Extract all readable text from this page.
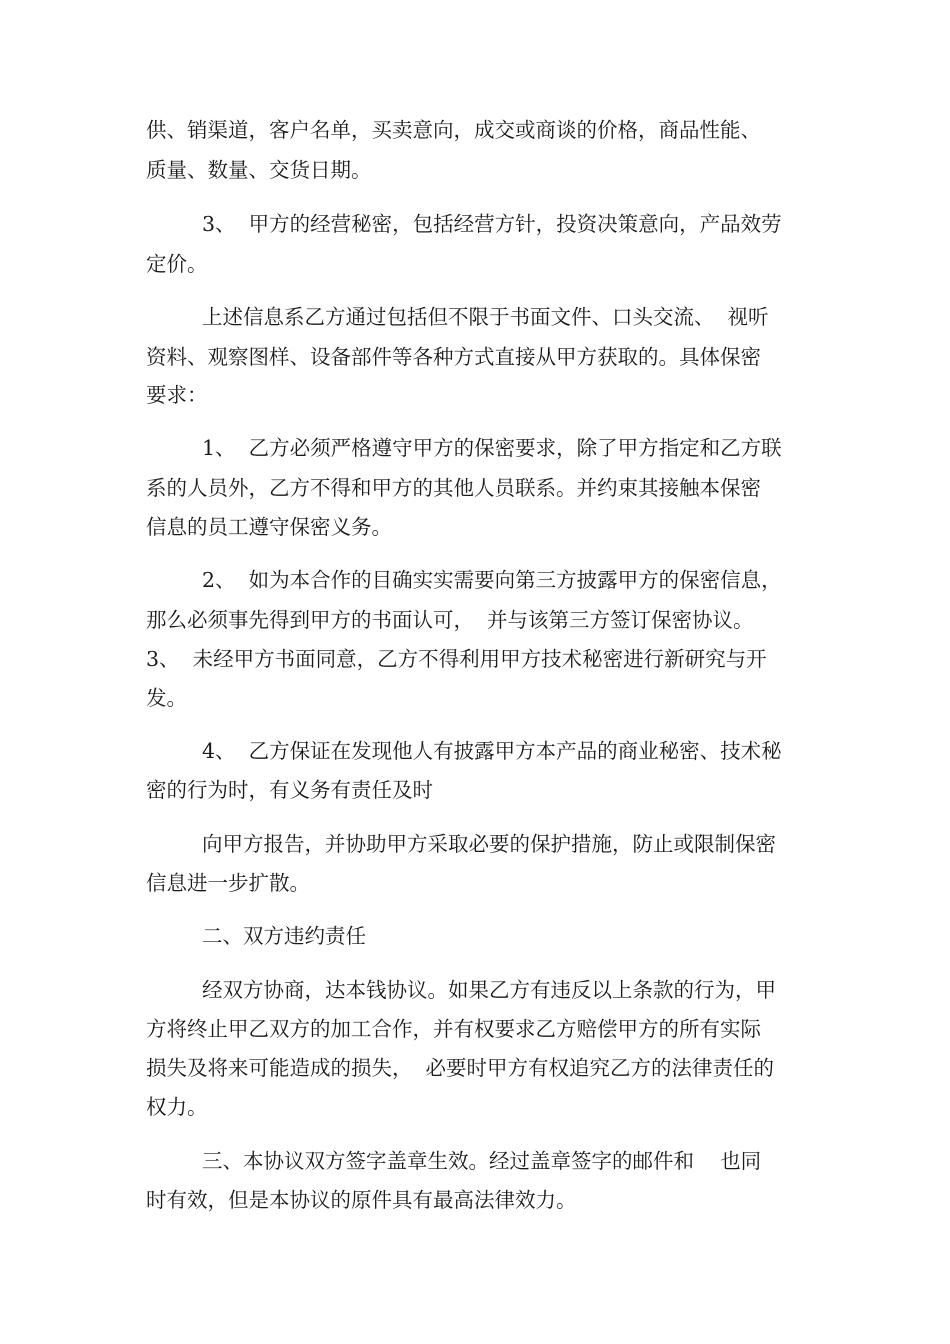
供、销渠道，客户名单，买卖意向，成交或商谈的价格，商品性能、

质量、数量、交货日期。

3、  甲方的经营秘密，包括经营方针，投资决策意向，产品效劳

定价。

上述信息系乙方通过包括但不限于书面文件、口头交流、  视听

资料、观察图样、设备部件等各种方式直接从甲方获取的。具体保密

要求：

1、  乙方必须严格遵守甲方的保密要求，除了甲方指定和乙方联

系的人员外，乙方不得和甲方的其他人员联系。并约束其接触本保密

信息的员工遵守保密义务。

2、  如为本合作的目确实实需要向第三方披露甲方的保密信息，

那么必须事先得到甲方的书面认可，  并与该第三方签订保密协议。

3、  未经甲方书面同意，乙方不得利用甲方技术秘密进行新研究与开

发。

4、  乙方保证在发现他人有披露甲方本产品的商业秘密、技术秘

密的行为时，有义务有责任及时

向甲方报告，并协助甲方采取必要的保护措施，防止或限制保密

信息进一步扩散。

二、双方违约责任

经双方协商，达本钱协议。如果乙方有违反以上条款的行为，甲

方将终止甲乙双方的加工合作，并有权要求乙方赔偿甲方的所有实际

损失及将来可能造成的损失，  必要时甲方有权追究乙方的法律责任的

权力。

三、本协议双方签字盖章生效。经过盖章签字的邮件和    也同

时有效，但是本协议的原件具有最高法律效力。
